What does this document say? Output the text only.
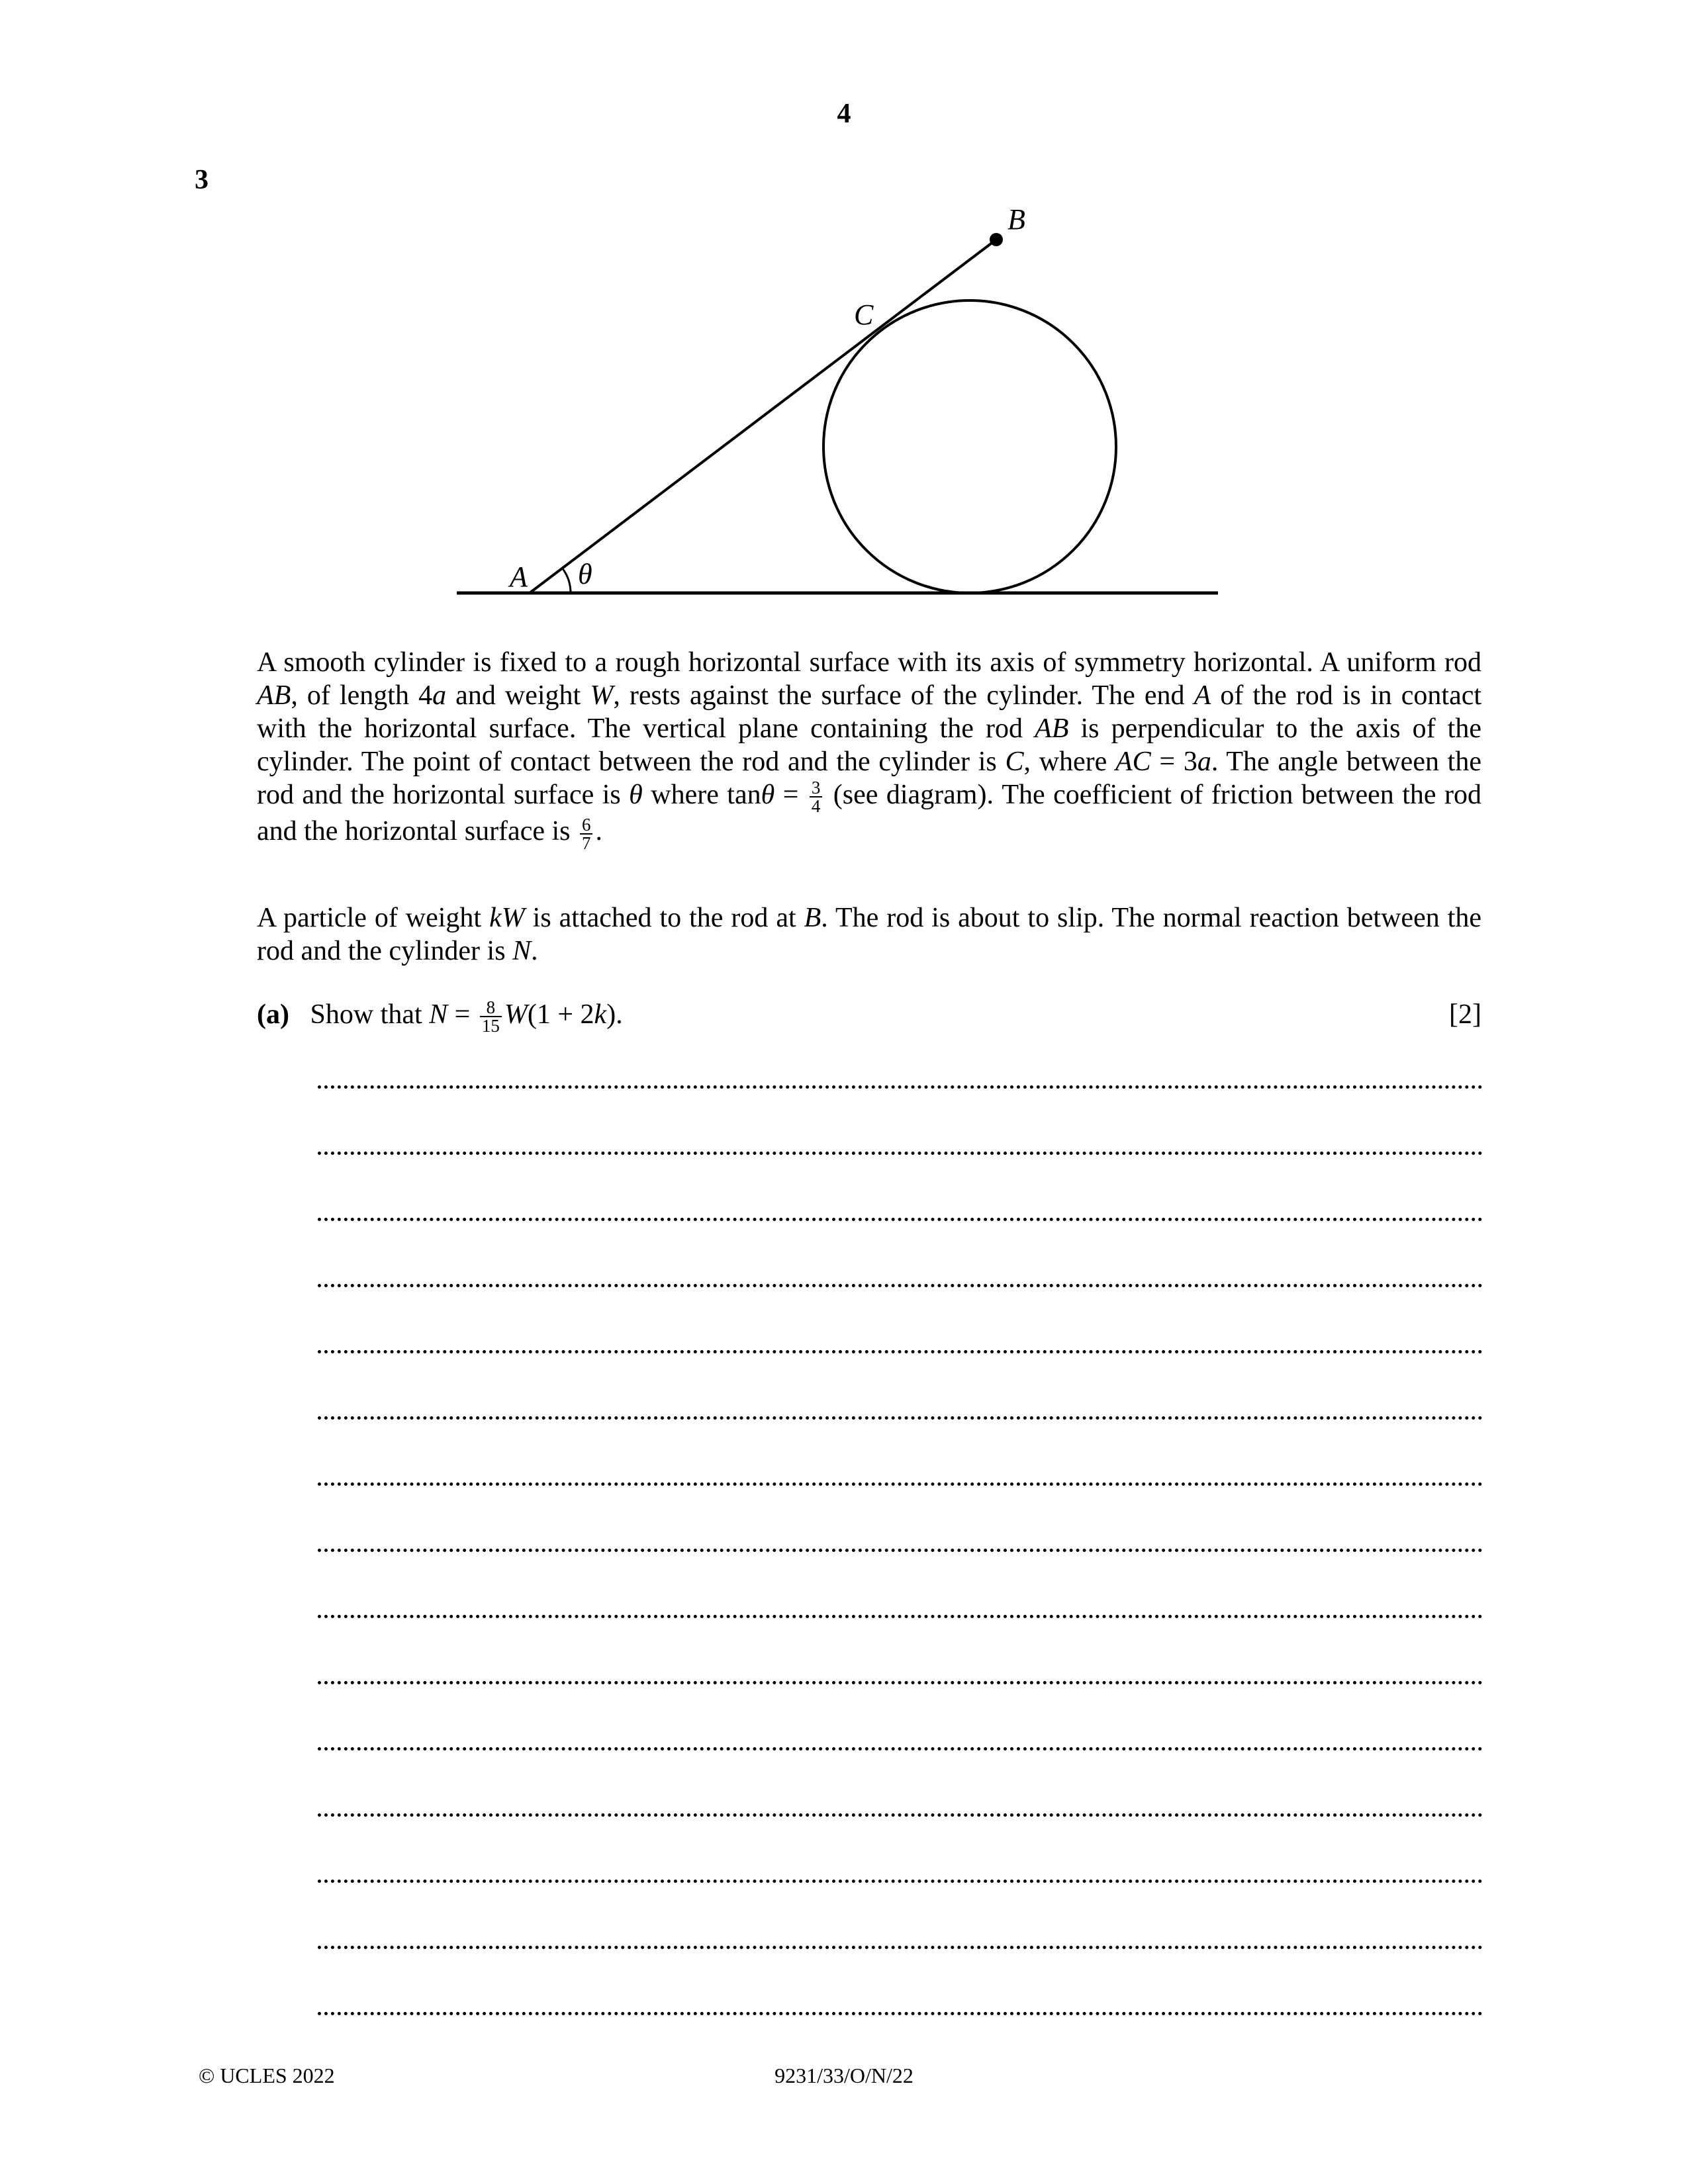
4
3
A
B
C
θ

A smooth cylinder is fixed to a rough horizontal surface with its axis of symmetry horizontal. A uniform rod AB, of length 4a and weight W, rests against the surface of the cylinder. The end A of the rod is in contact with the horizontal surface. The vertical plane containing the rod AB is perpendicular to the axis of the cylinder. The point of contact between the rod and the cylinder is C, where AC = 3a. The angle between the rod and the horizontal surface is θ where $\tan\theta = \frac{3}{4} (see$ diagram). The coefficient of friction between the rod and the horizontal surface is $\frac{6}{7}$ .

A particle of weight kW is attached to the rod at B. The rod is about to slip. The normal reaction between the rod and the cylinder is N.

(a) Show that $N = \frac{8}{15} W(1 + 2k)$.	[2]
© UCLES 2022	9231/33/O/N/22
